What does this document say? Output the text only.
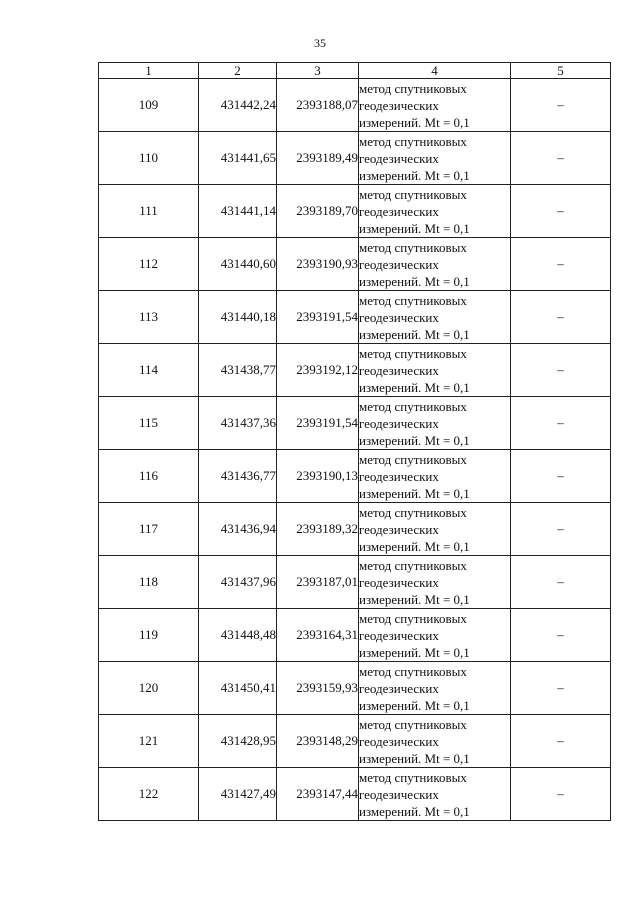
35
1	2	3	4	5
109	431442,24	2393188,07	метод спутниковых
геодезических
измерений. Mt = 0,1	–
110	431441,65	2393189,49	метод спутниковых
геодезических
измерений. Mt = 0,1	–
111	431441,14	2393189,70	метод спутниковых
геодезических
измерений. Mt = 0,1	–
112	431440,60	2393190,93	метод спутниковых
геодезических
измерений. Mt = 0,1	–
113	431440,18	2393191,54	метод спутниковых
геодезических
измерений. Mt = 0,1	–
114	431438,77	2393192,12	метод спутниковых
геодезических
измерений. Mt = 0,1	–
115	431437,36	2393191,54	метод спутниковых
геодезических
измерений. Mt = 0,1	–
116	431436,77	2393190,13	метод спутниковых
геодезических
измерений. Mt = 0,1	–
117	431436,94	2393189,32	метод спутниковых
геодезических
измерений. Mt = 0,1	–
118	431437,96	2393187,01	метод спутниковых
геодезических
измерений. Mt = 0,1	–
119	431448,48	2393164,31	метод спутниковых
геодезических
измерений. Mt = 0,1	–
120	431450,41	2393159,93	метод спутниковых
геодезических
измерений. Mt = 0,1	–
121	431428,95	2393148,29	метод спутниковых
геодезических
измерений. Mt = 0,1	–
122	431427,49	2393147,44	метод спутниковых
геодезических
измерений. Mt = 0,1	–
